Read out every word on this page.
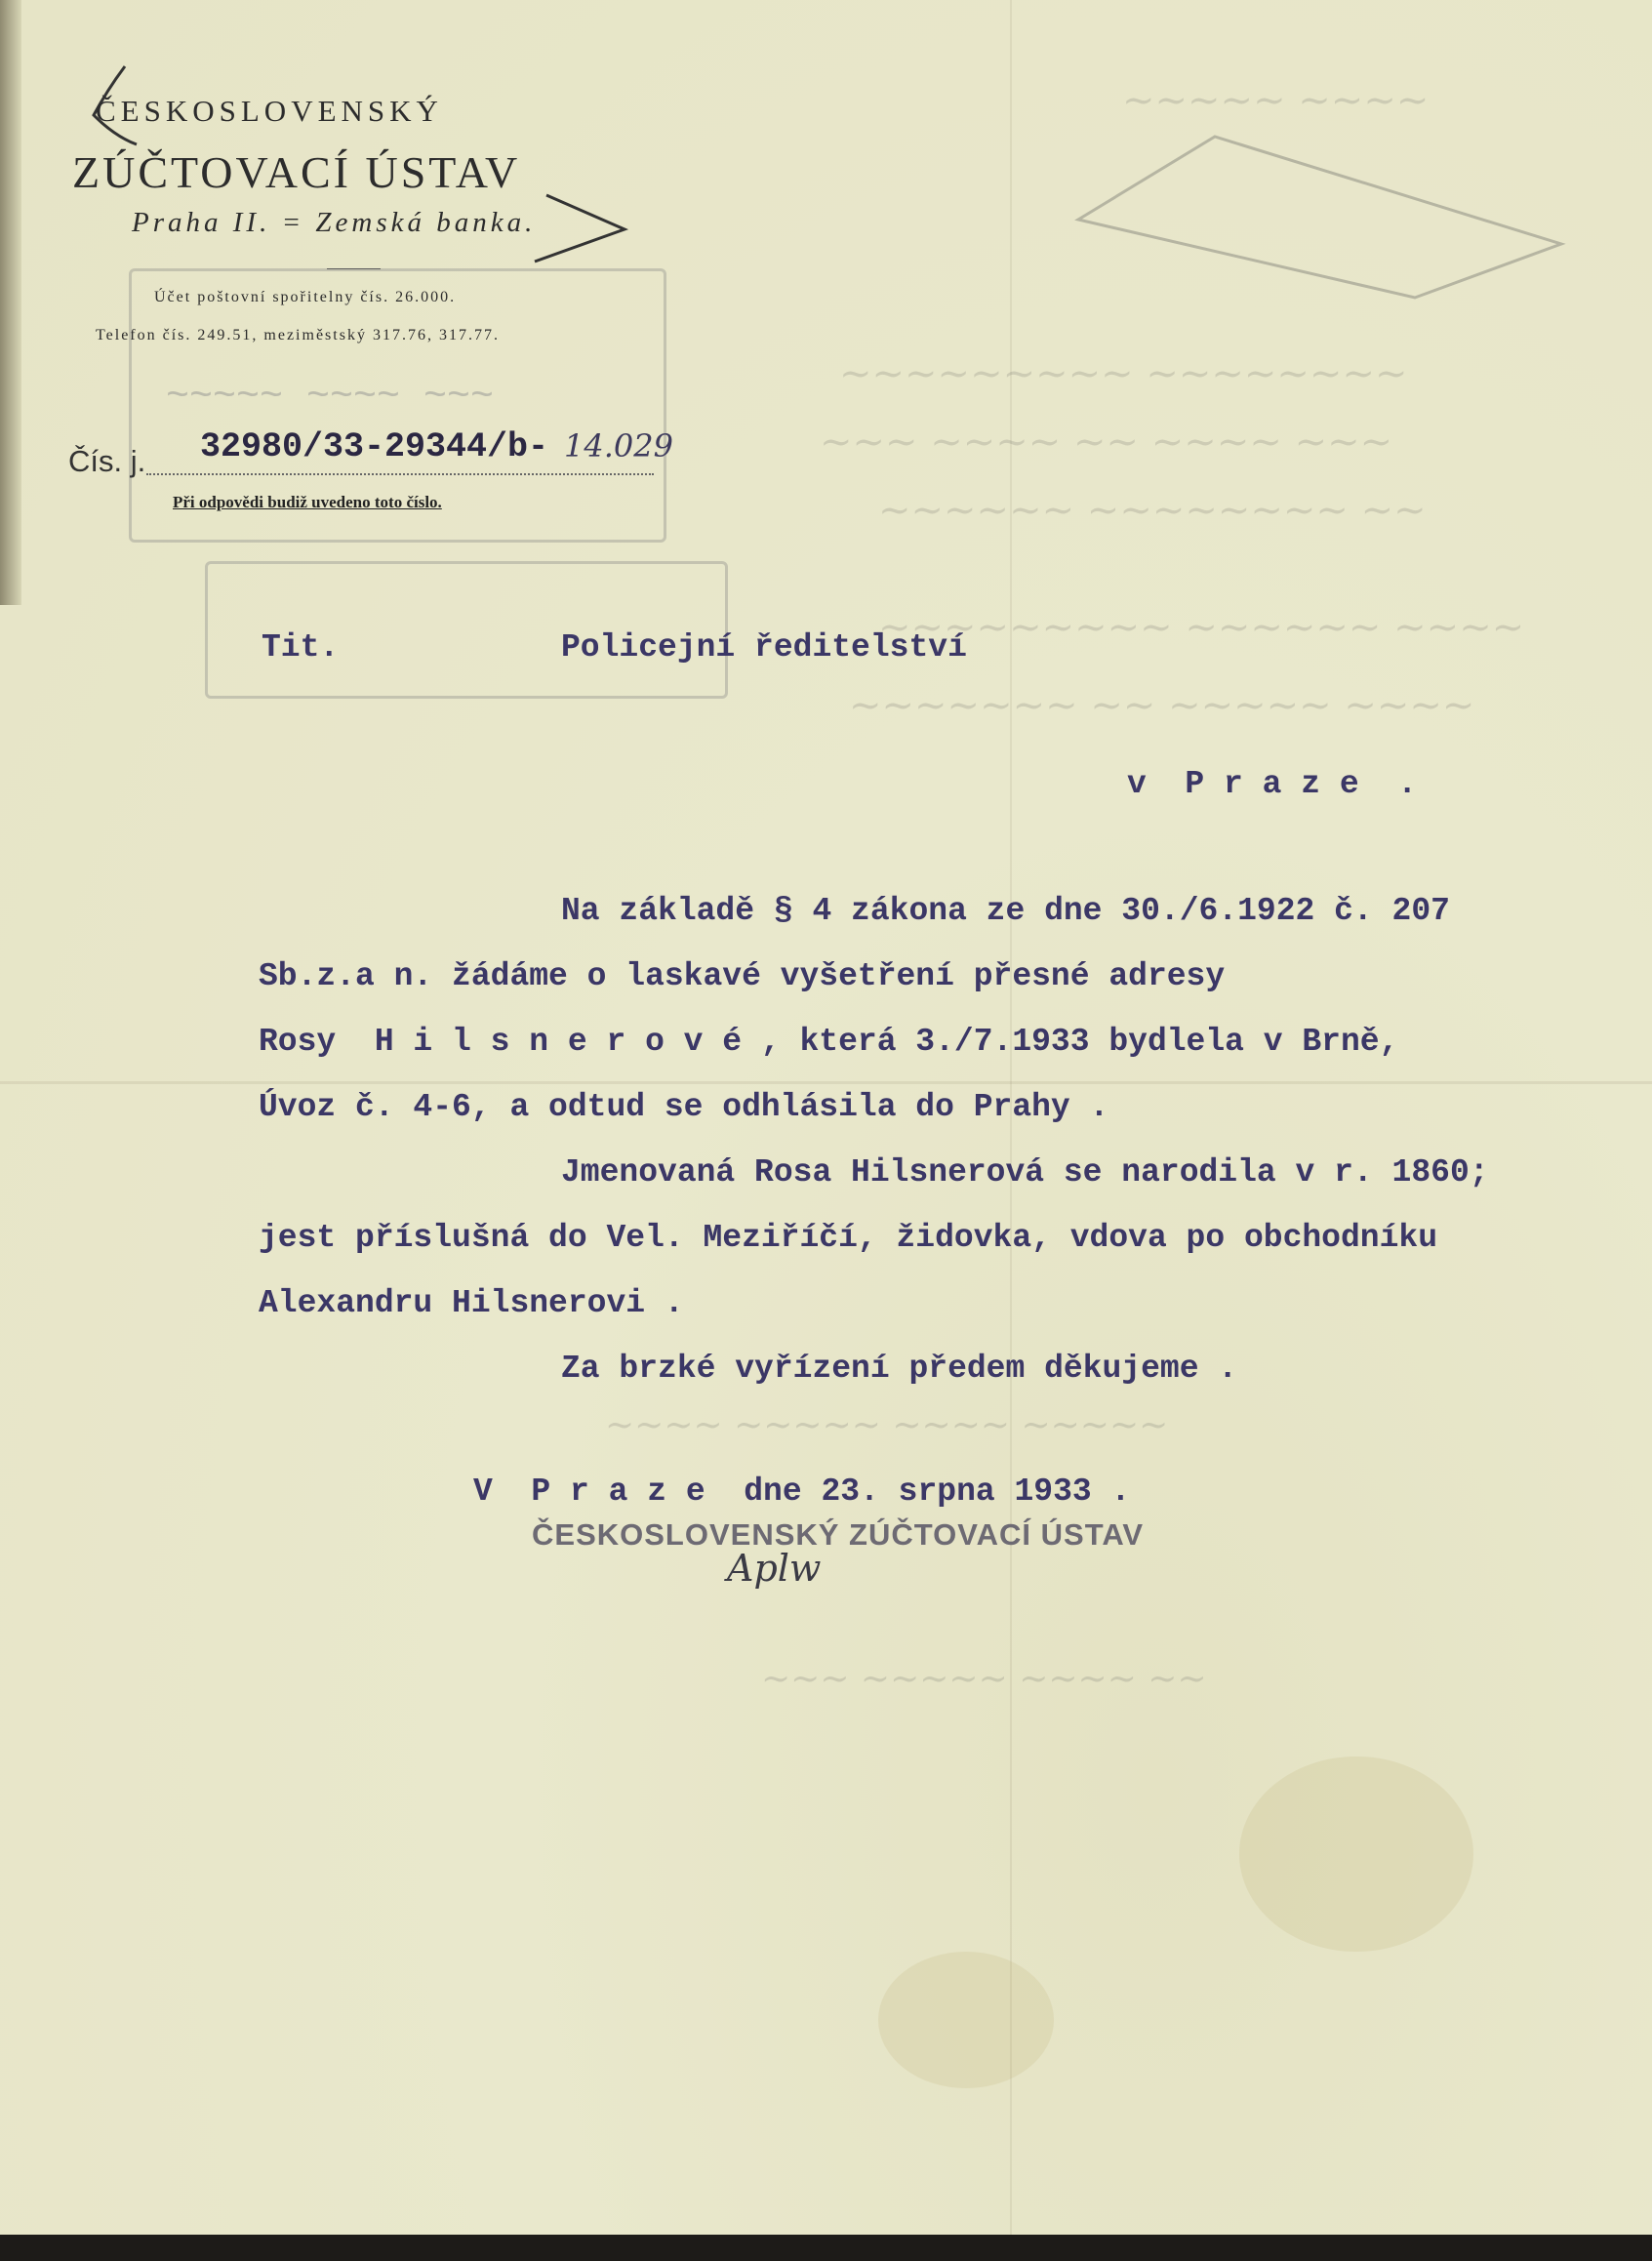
~~~~~ ~~~~
~~~~~~~~~ ~~~~~~~~
~~~ ~~~~ ~~ ~~~~ ~~~
~~~~~~ ~~~~~~~~ ~~
~~~~~~~~~ ~~~~~~ ~~~~
~~~~~~~ ~~ ~~~~~ ~~~~
~~~~ ~~~~~ ~~~~ ~~~~~
~~~ ~~~~~ ~~~~ ~~
ČESKOSLOVENSKÝ
ZÚČTOVACÍ ÚSTAV
Praha II. = Zemská banka.
Účet poštovní spořitelny čís. 26.000.
Telefon čís. 249.51, meziměstský 317.76, 317.77.
~~~~~ ~~~~ ~~~
Čís. j. 32980/33-29344/b- 14.029
Při odpovědi budiž uvedeno toto číslo.
Tit.	Policejní ředitelství
v  P r a z e  .
Na základě § 4 zákona ze dne 30./6.1922 č. 207
Sb.z.a n. žádáme o laskavé vyšetření přesné adresy
Rosy  H i l s n e r o v é , která 3./7.1933 bydlela v Brně,
Úvoz č. 4-6, a odtud se odhlásila do Prahy .
Jmenovaná Rosa Hilsnerová se narodila v r. 1860;
jest příslušná do Vel. Meziříčí, židovka, vdova po obchodníku
Alexandru Hilsnerovi .
Za brzké vyřízení předem děkujeme .
V  P r a z e  dne 23. srpna 1933 .
ČESKOSLOVENSKÝ ZÚČTOVACÍ ÚSTAV
Aplw
